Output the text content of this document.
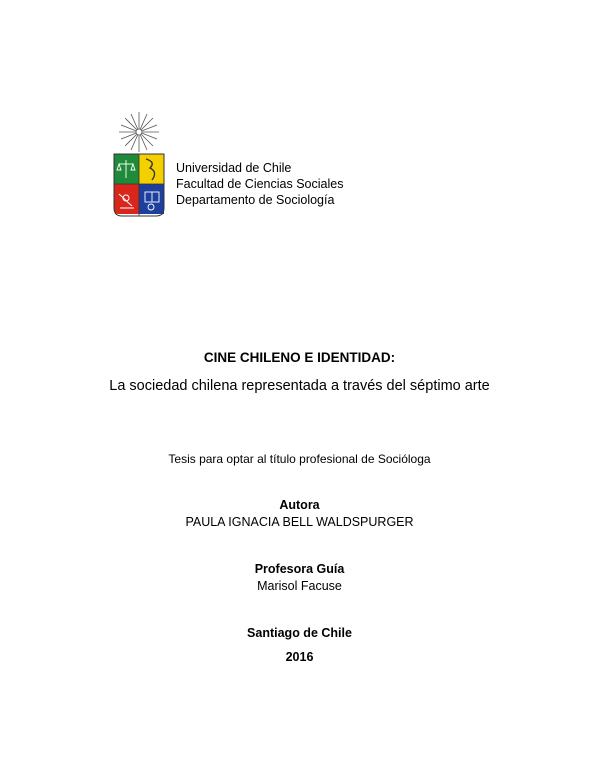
Universidad de Chile
Facultad de Ciencias Sociales
Departamento de Sociología
CINE CHILENO E IDENTIDAD:
La sociedad chilena representada a través del séptimo arte
Tesis para optar al título profesional de Socióloga
Autora
PAULA IGNACIA BELL WALDSPURGER
Profesora Guía
Marisol Facuse
Santiago de Chile
2016
